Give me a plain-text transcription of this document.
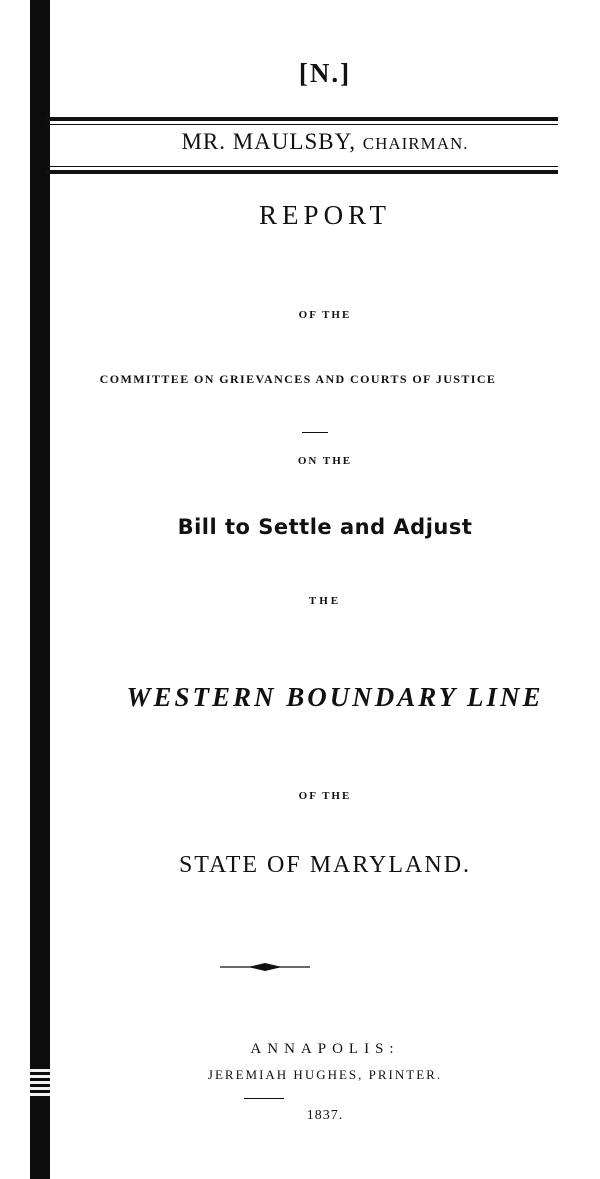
[N.]
MR. MAULSBY, CHAIRMAN.
REPORT
OF THE
COMMITTEE ON GRIEVANCES AND COURTS OF JUSTICE
ON THE
Bill to Settle and Adjust
THE
WESTERN BOUNDARY LINE
OF THE
STATE OF MARYLAND.
ANNAPOLIS:
JEREMIAH HUGHES, PRINTER.
1837.
